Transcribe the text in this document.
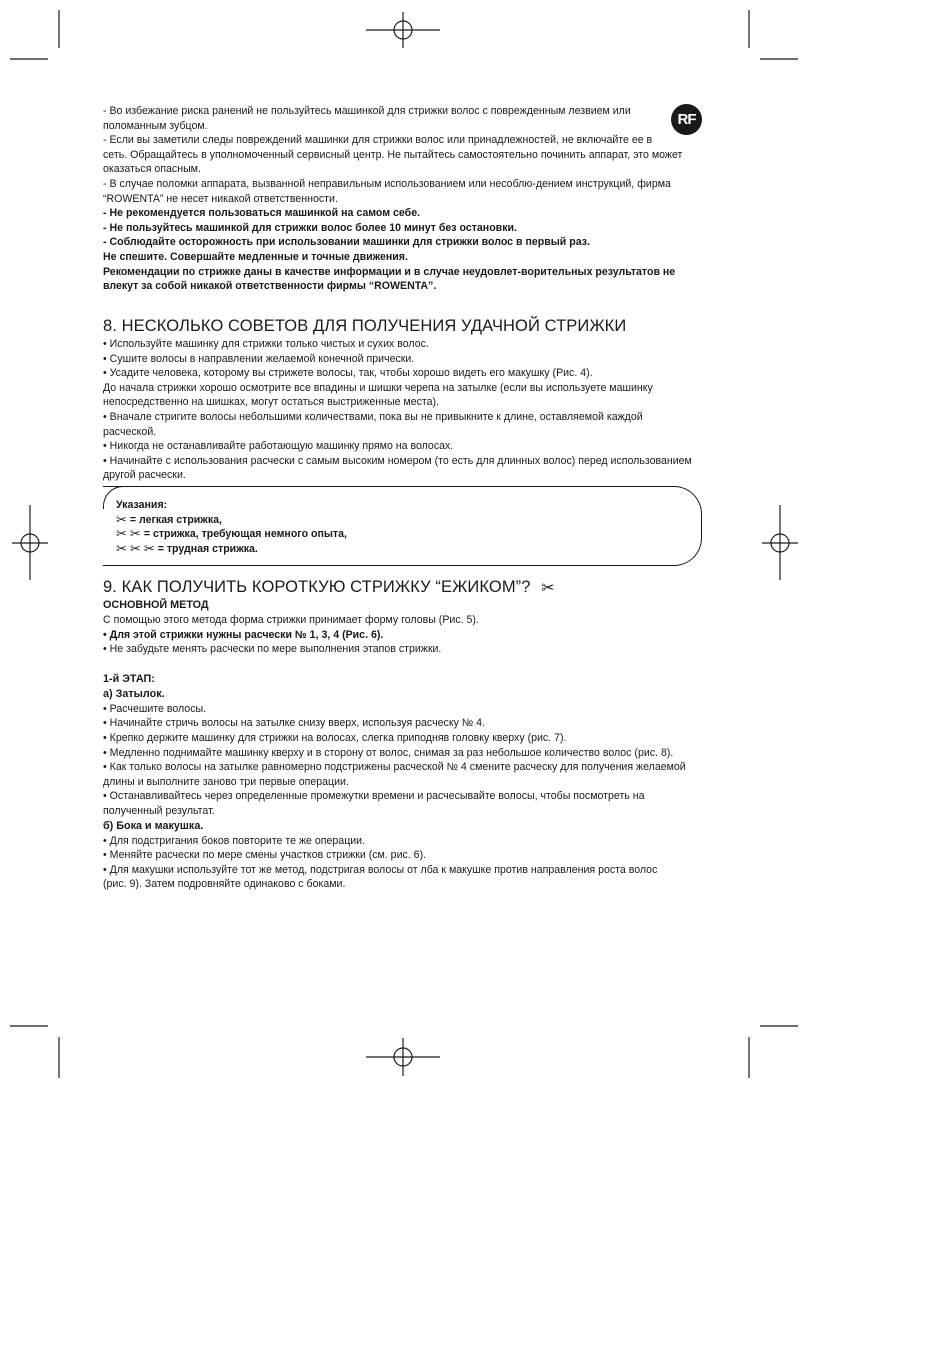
RF
- Во избежание риска ранений не пользуйтесь машинкой для стрижки волос с поврежденным лезвием или
поломанным зубцом.
- Если вы заметили следы повреждений машинки для стрижки волос или принадлежностей, не включайте ее в
сеть. Обращайтесь в уполномоченный сервисный центр. Не пытайтесь самостоятельно починить аппарат, это может
оказаться опасным.
- В случае поломки аппарата, вызванной неправильным использованием или несоблю-дением инструкций, фирма
“ROWENTA” не несет никакой ответственности.
- Не рекомендуется пользоваться машинкой на самом себе.
- Не пользуйтесь машинкой для стрижки волос более 10 минут без остановки.
- Соблюдайте осторожность при использовании машинки для стрижки волос в первый раз.
Не спешите. Совершайте медленные и точные движения.
Рекомендации по стрижке даны в качестве информации и в случае неудовлет-ворительных результатов не
влекут за собой никакой ответственности фирмы “ROWENTA”.
8. НЕСКОЛЬКО СОВЕТОВ ДЛЯ ПОЛУЧЕНИЯ УДАЧНОЙ СТРИЖКИ
• Используйте машинку для стрижки только чистых и сухих волос.
• Сушите волосы в направлении желаемой конечной прически.
• Усадите человека, которому вы стрижете волосы, так, чтобы хорошо видеть его макушку (Рис. 4).
До начала стрижки хорошо осмотрите все впадины и шишки черепа на затылке (если вы используете машинку
непосредственно на шишках, могут остаться выстриженные места).
• Вначале стригите волосы небольшими количествами, пока вы не привыкните к длине, оставляемой каждой
расческой.
• Никогда не останавливайте работающую машинку прямо на волосах.
• Начинайте с использования расчески с самым высоким номером (то есть для длинных волос) перед использованием
другой расчески.
Указания:
✂ = легкая стрижка,
✂ ✂ = стрижка, требующая немного опыта,
✂ ✂ ✂ = трудная стрижка.
9. КАК ПОЛУЧИТЬ КОРОТКУЮ СТРИЖКУ “ЕЖИКОМ”? ✂
ОСНОВНОЙ МЕТОД
С помощью этого метода форма стрижки принимает форму головы (Рис. 5).
• Для этой стрижки нужны расчески № 1, 3, 4 (Рис. 6).
• Не забудьте менять расчески по мере выполнения этапов стрижки.
1-й ЭТАП:
а) Затылок.
• Расчешите волосы.
• Начинайте стричь волосы на затылке снизу вверх, используя расческу № 4.
• Крепко держите машинку для стрижки на волосах, слегка приподняв головку кверху (рис. 7).
• Медленно поднимайте машинку кверху и в сторону от волос, снимая за раз небольшое количество волос (рис. 8).
• Как только волосы на затылке равномерно подстрижены расческой № 4 смените расческу для получения желаемой
длины и выполните заново три первые операции.
• Останавливайтесь через определенные промежутки времени и расчесывайте волосы, чтобы посмотреть на
полученный результат.
б) Бока и макушка.
• Для подстригания боков повторите те же операции.
• Меняйте расчески по мере смены участков стрижки (см. рис. 6).
• Для макушки используйте тот же метод, подстригая волосы от лба к макушке против направления роста волос
(рис. 9). Затем подровняйте одинаково с боками.
